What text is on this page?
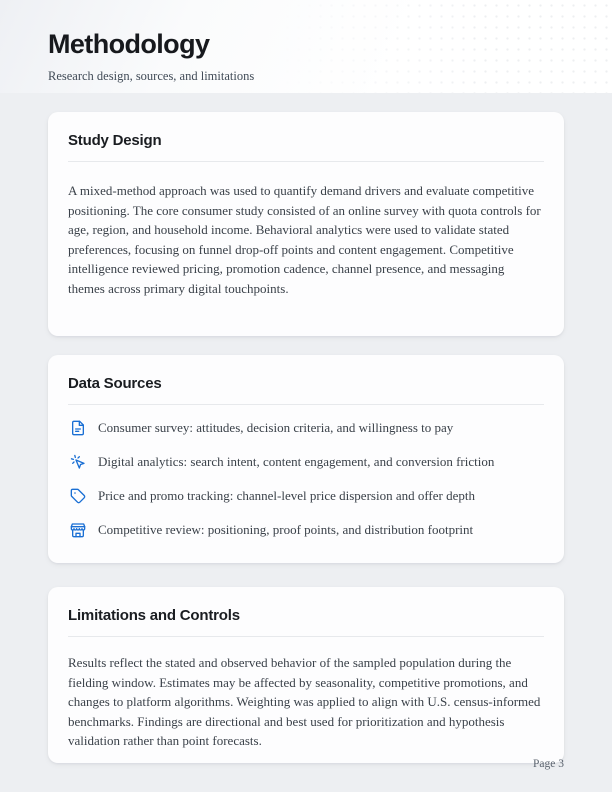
Methodology
Research design, sources, and limitations
Study Design

A mixed-method approach was used to quantify demand drivers and evaluate competitive positioning. The core consumer study consisted of an online survey with quota controls for age, region, and household income. Behavioral analytics were used to validate stated preferences, focusing on funnel drop-off points and content engagement. Competitive intelligence reviewed pricing, promotion cadence, channel presence, and messaging themes across primary digital touchpoints.

Data Sources
Consumer survey: attitudes, decision criteria, and willingness to pay
Digital analytics: search intent, content engagement, and conversion friction
Price and promo tracking: channel-level price dispersion and offer depth
Competitive review: positioning, proof points, and distribution footprint
Limitations and Controls

Results reflect the stated and observed behavior of the sampled population during the fielding window. Estimates may be affected by seasonality, competitive promotions, and changes to platform algorithms. Weighting was applied to align with U.S. census-informed benchmarks. Findings are directional and best used for prioritization and hypothesis validation rather than point forecasts.

Page 3
